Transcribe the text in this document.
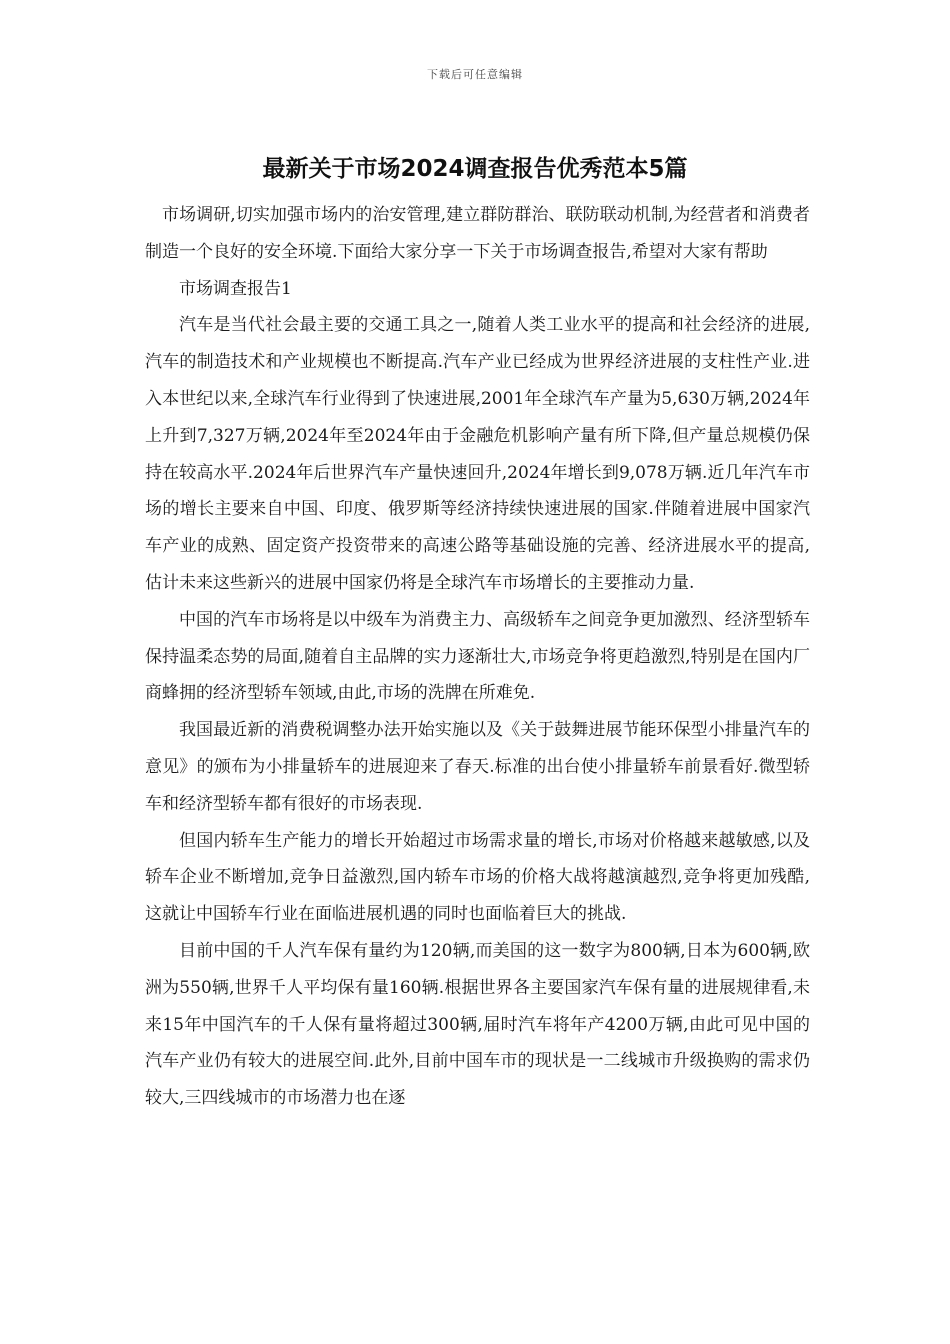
下载后可任意编辑
最新关于市场2024调查报告优秀范本5篇

市场调研,切实加强市场内的治安管理,建立群防群治、联防联动机制,为经营者和消费者制造一个良好的安全环境.下面给大家分享一下关于市场调查报告,希望对大家有帮助

市场调查报告1

汽车是当代社会最主要的交通工具之一,随着人类工业水平的提高和社会经济的进展,汽车的制造技术和产业规模也不断提高.汽车产业已经成为世界经济进展的支柱性产业.进入本世纪以来,全球汽车行业得到了快速进展,2001年全球汽车产量为5,630万辆,2024年上升到7,327万辆,2024年至2024年由于金融危机影响产量有所下降,但产量总规模仍保持在较高水平.2024年后世界汽车产量快速回升,2024年增长到9,078万辆.近几年汽车市场的增长主要来自中国、印度、俄罗斯等经济持续快速进展的国家.伴随着进展中国家汽车产业的成熟、固定资产投资带来的高速公路等基础设施的完善、经济进展水平的提高,估计未来这些新兴的进展中国家仍将是全球汽车市场增长的主要推动力量.

中国的汽车市场将是以中级车为消费主力、高级轿车之间竞争更加激烈、经济型轿车保持温柔态势的局面,随着自主品牌的实力逐渐壮大,市场竞争将更趋激烈,特别是在国内厂商蜂拥的经济型轿车领域,由此,市场的洗牌在所难免.

我国最近新的消费税调整办法开始实施以及《关于鼓舞进展节能环保型小排量汽车的意见》的颁布为小排量轿车的进展迎来了春天.标准的出台使小排量轿车前景看好.微型轿车和经济型轿车都有很好的市场表现.

但国内轿车生产能力的增长开始超过市场需求量的增长,市场对价格越来越敏感,以及轿车企业不断增加,竞争日益激烈,国内轿车市场的价格大战将越演越烈,竞争将更加残酷,这就让中国轿车行业在面临进展机遇的同时也面临着巨大的挑战.

目前中国的千人汽车保有量约为120辆,而美国的这一数字为800辆,日本为600辆,欧洲为550辆,世界千人平均保有量160辆.根据世界各主要国家汽车保有量的进展规律看,未来15年中国汽车的千人保有量将超过300辆,届时汽车将年产4200万辆,由此可见中国的汽车产业仍有较大的进展空间.此外,目前中国车市的现状是一二线城市升级换购的需求仍较大,三四线城市的市场潜力也在逐
